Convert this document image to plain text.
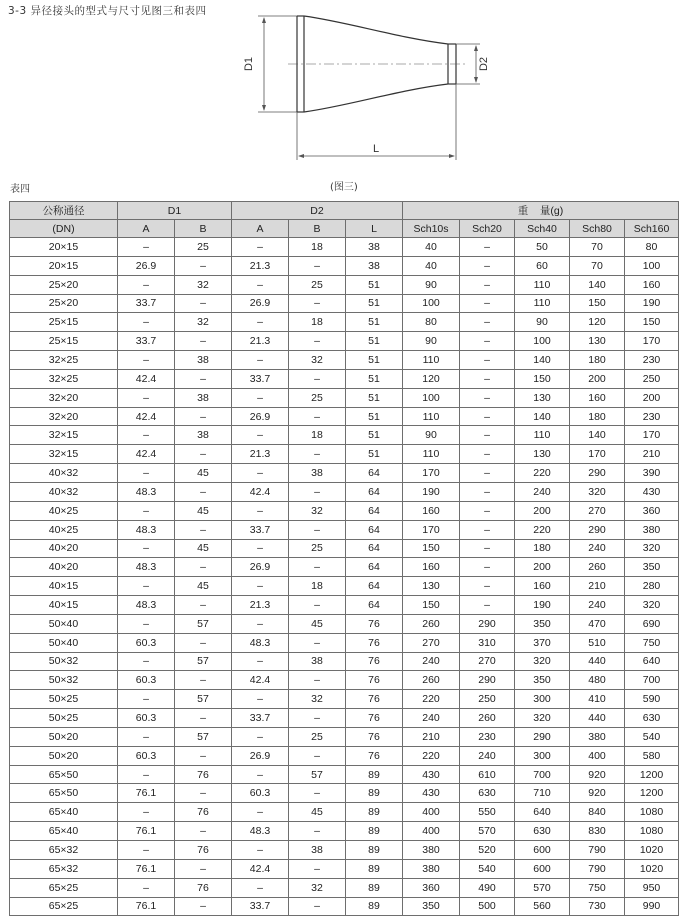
3-3 异径接头的型式与尺寸见图三和表四
D1	D2
L
表四	(图三)
公称通径	D1		D2			重    量(g)				
(DN)	A	B	A	B	L	Sch10s	Sch20	Sch40	Sch80	Sch160
20×15	–	25	–	18	38	40	–	50	70	80
20×15	26.9	–	21.3	–	38	40	–	60	70	100
25×20	–	32	–	25	51	90	–	110	140	160
25×20	33.7	–	26.9	–	51	100	–	110	150	190
25×15	–	32	–	18	51	80	–	90	120	150
25×15	33.7	–	21.3	–	51	90	–	100	130	170
32×25	–	38	–	32	51	110	–	140	180	230
32×25	42.4	–	33.7	–	51	120	–	150	200	250
32×20	–	38	–	25	51	100	–	130	160	200
32×20	42.4	–	26.9	–	51	110	–	140	180	230
32×15	–	38	–	18	51	90	–	110	140	170
32×15	42.4	–	21.3	–	51	110	–	130	170	210
40×32	–	45	–	38	64	170	–	220	290	390
40×32	48.3	–	42.4	–	64	190	–	240	320	430
40×25	–	45	–	32	64	160	–	200	270	360
40×25	48.3	–	33.7	–	64	170	–	220	290	380
40×20	–	45	–	25	64	150	–	180	240	320
40×20	48.3	–	26.9	–	64	160	–	200	260	350
40×15	–	45	–	18	64	130	–	160	210	280
40×15	48.3	–	21.3	–	64	150	–	190	240	320
50×40	–	57	–	45	76	260	290	350	470	690
50×40	60.3	–	48.3	–	76	270	310	370	510	750
50×32	–	57	–	38	76	240	270	320	440	640
50×32	60.3	–	42.4	–	76	260	290	350	480	700
50×25	–	57	–	32	76	220	250	300	410	590
50×25	60.3	–	33.7	–	76	240	260	320	440	630
50×20	–	57	–	25	76	210	230	290	380	540
50×20	60.3	–	26.9	–	76	220	240	300	400	580
65×50	–	76	–	57	89	430	610	700	920	1200
65×50	76.1	–	60.3	–	89	430	630	710	920	1200
65×40	–	76	–	45	89	400	550	640	840	1080
65×40	76.1	–	48.3	–	89	400	570	630	830	1080
65×32	–	76	–	38	89	380	520	600	790	1020
65×32	76.1	–	42.4	–	89	380	540	600	790	1020
65×25	–	76	–	32	89	360	490	570	750	950
65×25	76.1	–	33.7	–	89	350	500	560	730	990
